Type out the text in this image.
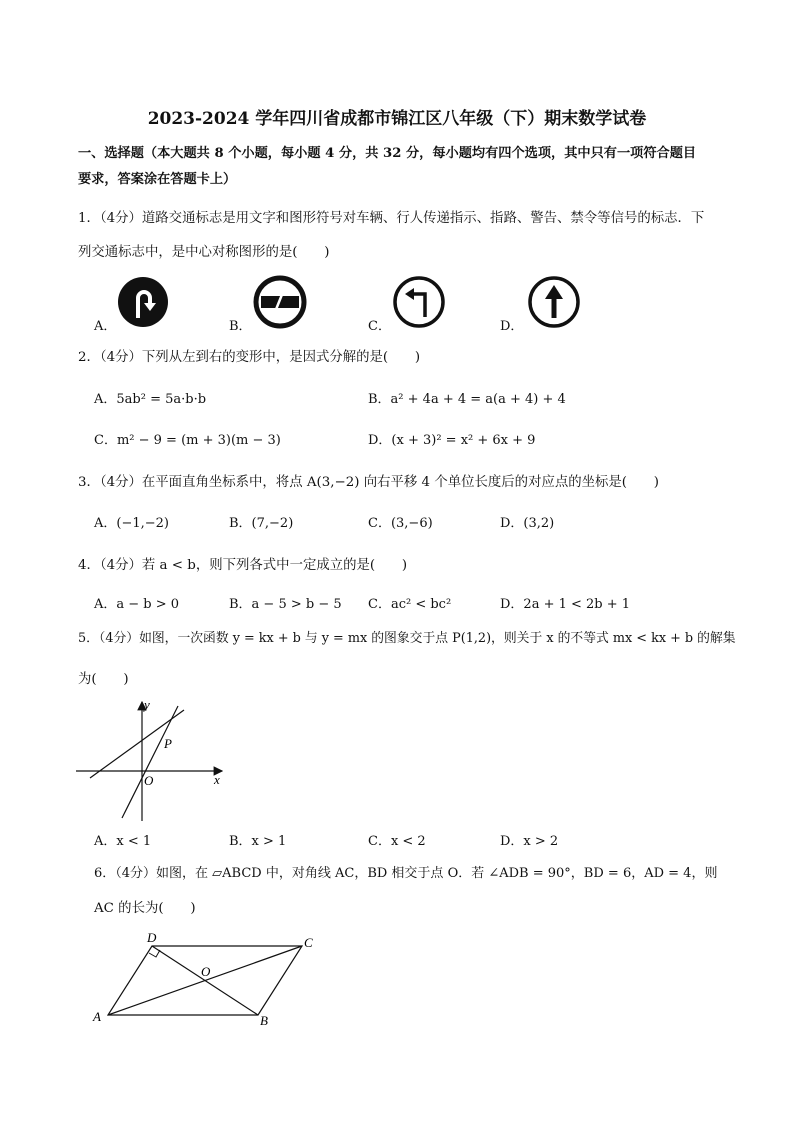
2023-2024 学年四川省成都市锦江区八年级（下）期末数学试卷
一、选择题（本大题共 8 个小题，每小题 4 分，共 32 分，每小题均有四个选项，其中只有一项符合题目
要求，答案涂在答题卡上）
1．（4分）道路交通标志是用文字和图形符号对车辆、行人传递指示、指路、警告、禁令等信号的标志．下
列交通标志中，是中心对称图形的是(　　)
A．	B．	C．	D．
2．（4分）下列从左到右的变形中，是因式分解的是(　　)
A．5ab² = 5a·b·b	B．a² + 4a + 4 = a(a + 4) + 4
C．m² − 9 = (m + 3)(m − 3)	D．(x + 3)² = x² + 6x + 9
3．（4分）在平面直角坐标系中，将点 A(3,−2) 向右平移 4 个单位长度后的对应点的坐标是(　　)
A．(−1,−2)	B．(7,−2)	C．(3,−6)	D．(3,2)
4．（4分）若 a < b，则下列各式中一定成立的是(　　)
A．a − b > 0	B．a − 5 > b − 5 C．ac² < bc²	D．2a + 1 < 2b + 1
5．（4分）如图，一次函数 y = kx + b 与 y = mx 的图象交于点 P(1,2)，则关于 x 的不等式 mx < kx + b 的解集
为(　　)
y
x
O
P
A．x < 1	B．x > 1	C．x < 2	D．x > 2
6．（4分）如图，在 ▱ABCD 中，对角线 AC，BD 相交于点 O．若 ∠ADB = 90°，BD = 6，AD = 4，则
AC 的长为(　　)
A	B
C
D
O
